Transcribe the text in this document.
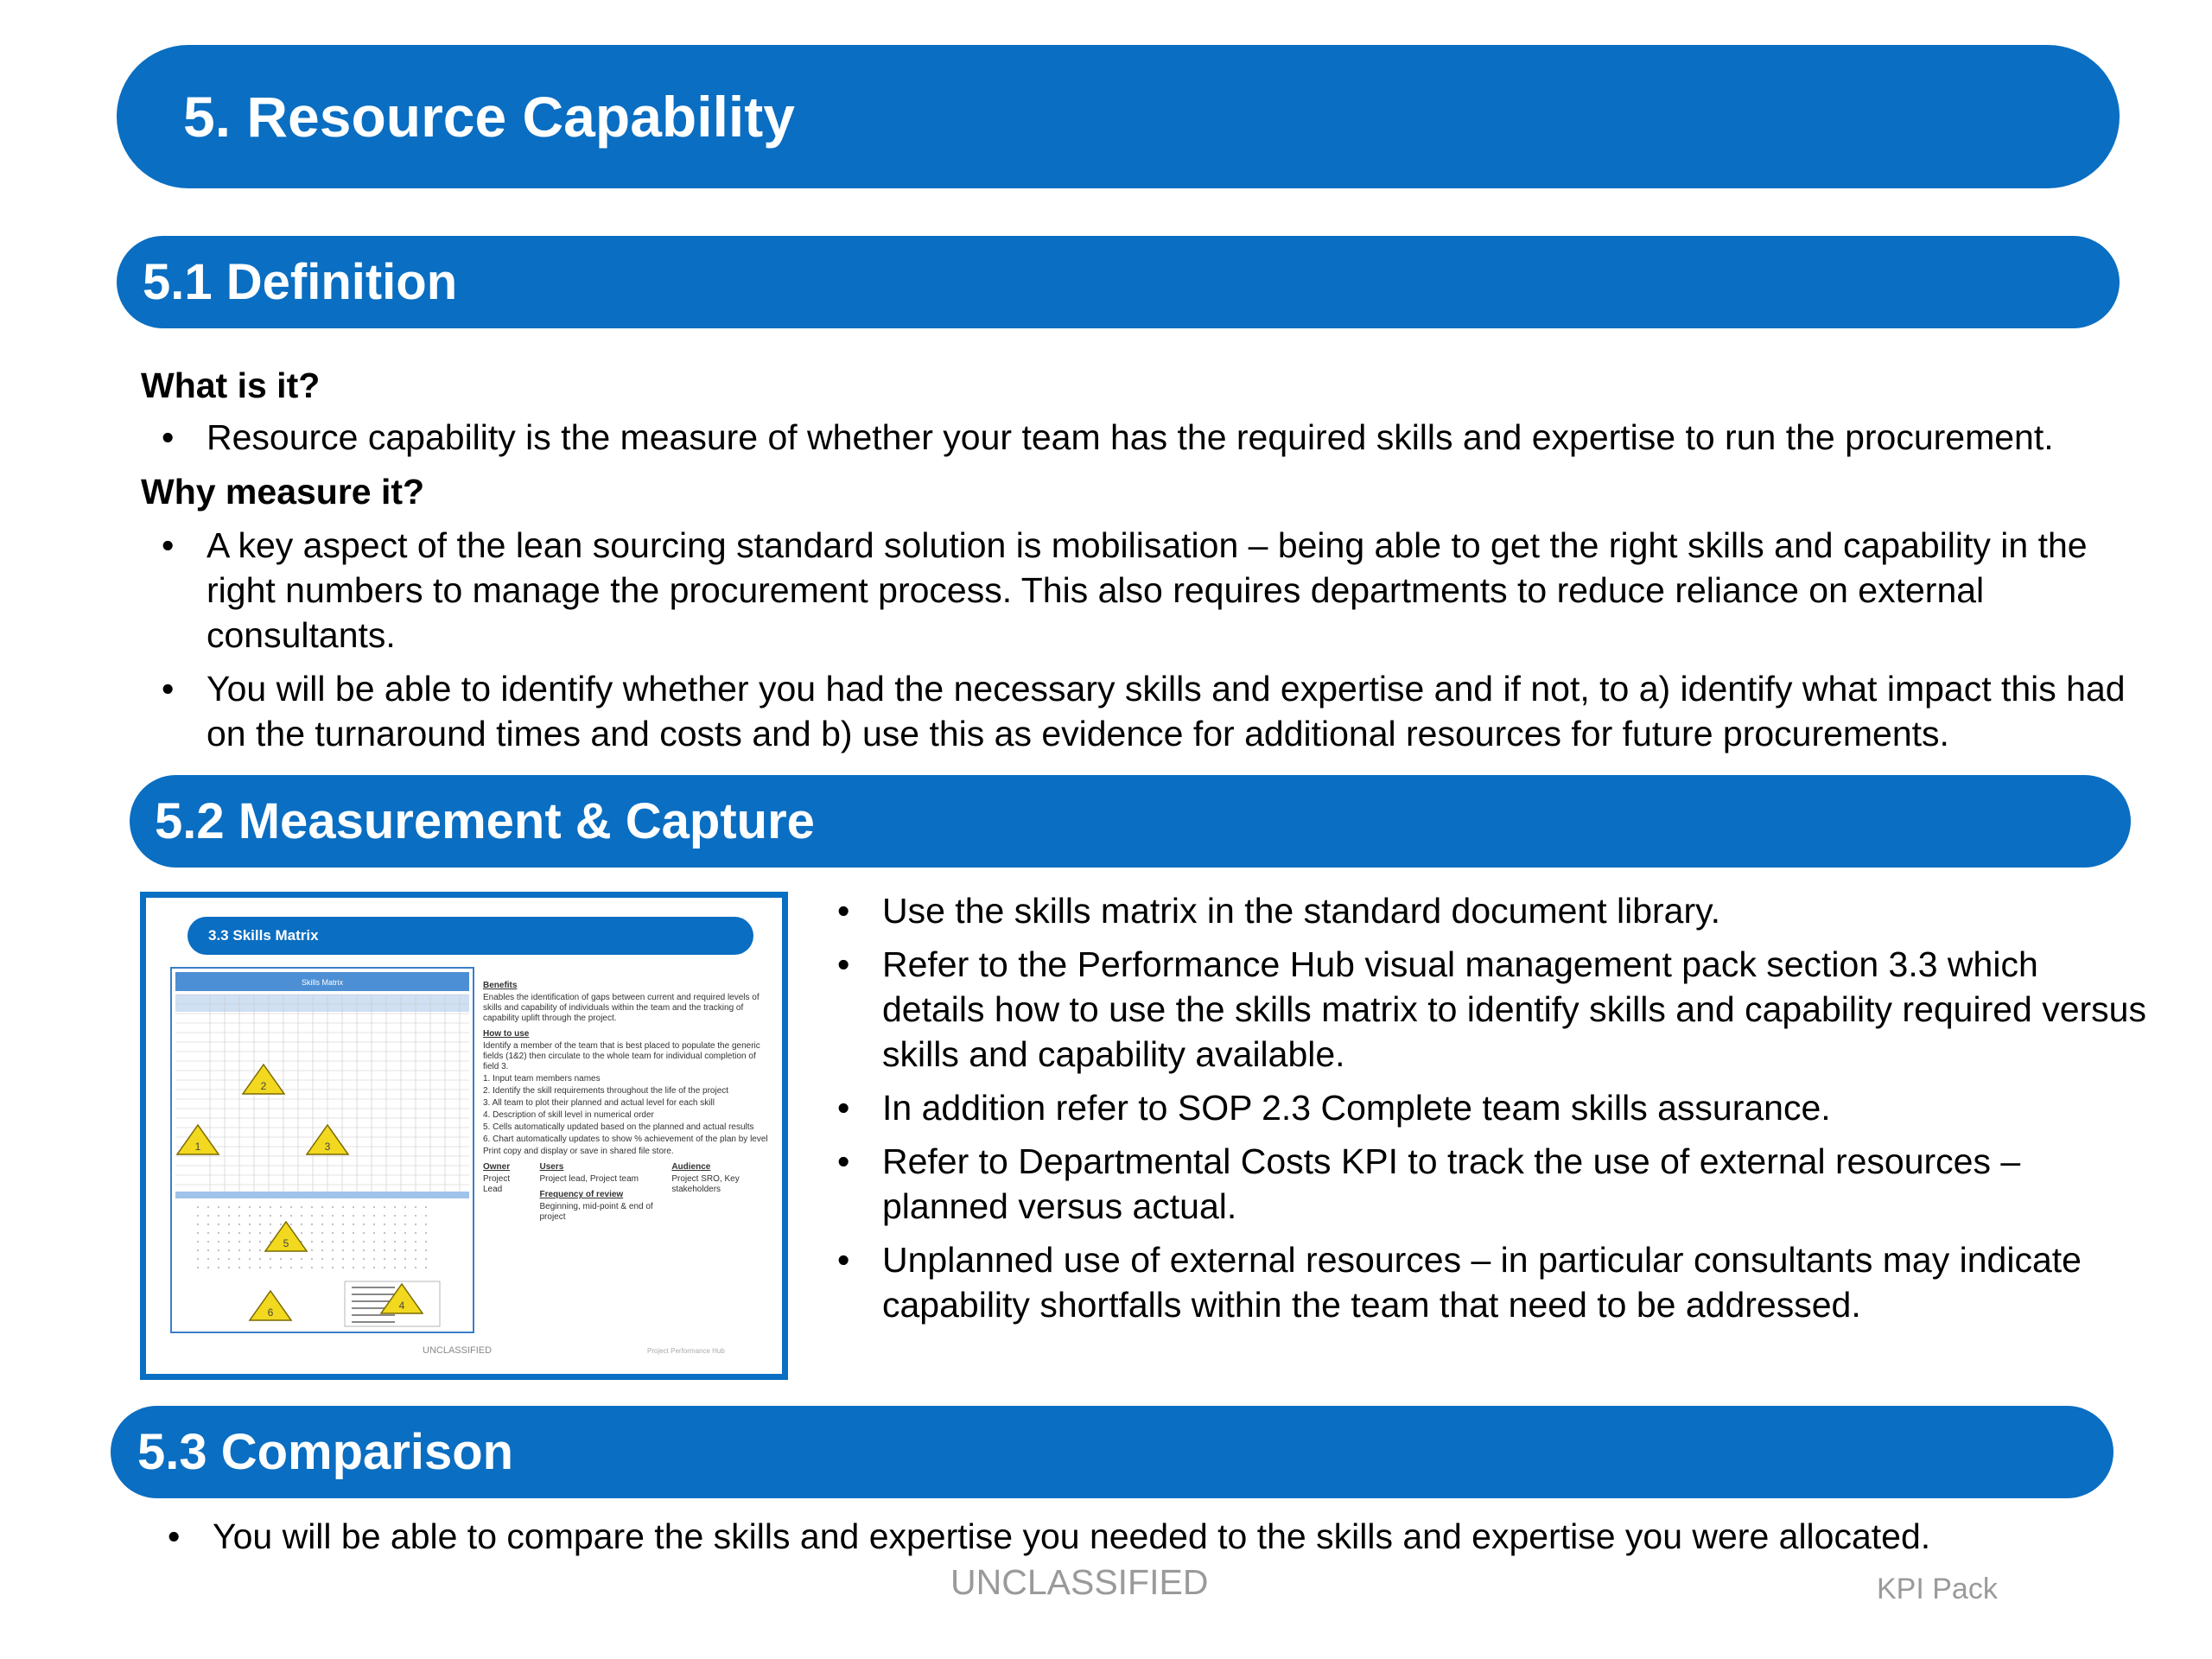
5. Resource Capability
5.1 Definition
What is it?
• Resource capability is the measure of whether your team has the required skills and expertise to run the procurement.
Why measure it?
• A key aspect of the lean sourcing standard solution is mobilisation – being able to get the right skills and capability in the right numbers to manage the procurement process. This also requires departments to reduce reliance on external consultants.
• You will be able to identify whether you had the necessary skills and expertise and if not, to a) identify what impact this had on the turnaround times and costs and b) use this as evidence for additional resources for future procurements.
5.2 Measurement & Capture
3.3 Skills Matrix
Skills Matrix
2
1	3
5
6
4
Benefits

Enables the identification of gaps between current and required levels of skills and capability of individuals within the team and the tracking of capability uplift through the project.

How to use

Identify a member of the team that is best placed to populate the generic fields (1&2) then circulate to the whole team for individual completion of field 3.

1. Input team members names

2. Identify the skill requirements throughout the life of the project

3. All team to plot their planned and actual level for each skill

4. Description of skill level in numerical order

5. Cells automatically updated based on the planned and actual results

6. Chart automatically updates to show % achievement of the plan by level

Print copy and display or save in shared file store.

Owner

Project Lead

Users

Project lead, Project team

Frequency of review

Beginning, mid-point & end of project

Audience

Project SRO, Key stakeholders

UNCLASSIFIED	Project Performance Hub
• Use the skills matrix in the standard document library.
• Refer to the Performance Hub visual management pack section 3.3 which details how to use the skills matrix to identify skills and capability required versus skills and capability available.
• In addition refer to SOP 2.3 Complete team skills assurance.
• Refer to Departmental Costs KPI to track the use of external resources – planned versus actual.
• Unplanned use of external resources – in particular consultants may indicate capability shortfalls within the team that need to be addressed.
5.3 Comparison
• You will be able to compare the skills and expertise you needed to the skills and expertise you were allocated.
UNCLASSIFIED	KPI Pack
